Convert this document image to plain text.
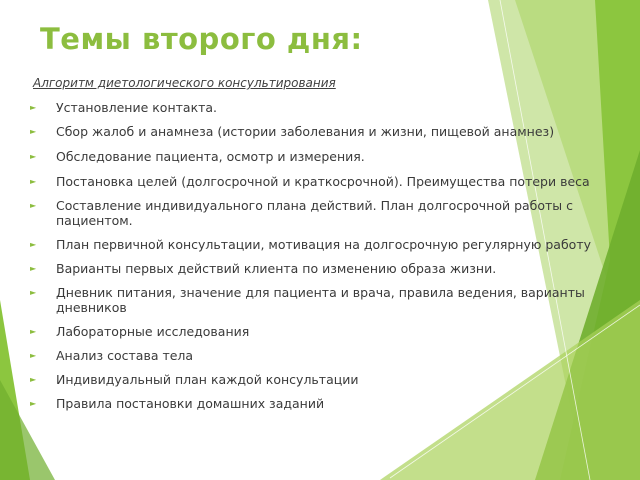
Темы второго дня:
Алгоритм диетологического консультирования
► Установление контакта.
► Сбор жалоб и анамнеза (истории заболевания и жизни, пищевой анамнез)
► Обследование пациента, осмотр и измерения.
► Постановка целей (долгосрочной и краткосрочной). Преимущества потери веса
► Составление индивидуального плана действий. План долгосрочной работы с пациентом.
► План первичной консультации, мотивация на долгосрочную регулярную работу
► Варианты первых действий клиента по изменению образа жизни.
► Дневник питания, значение для пациента и врача, правила ведения, варианты дневников
► Лабораторные исследования
► Анализ состава тела
► Индивидуальный план каждой консультации
► Правила постановки домашних заданий
